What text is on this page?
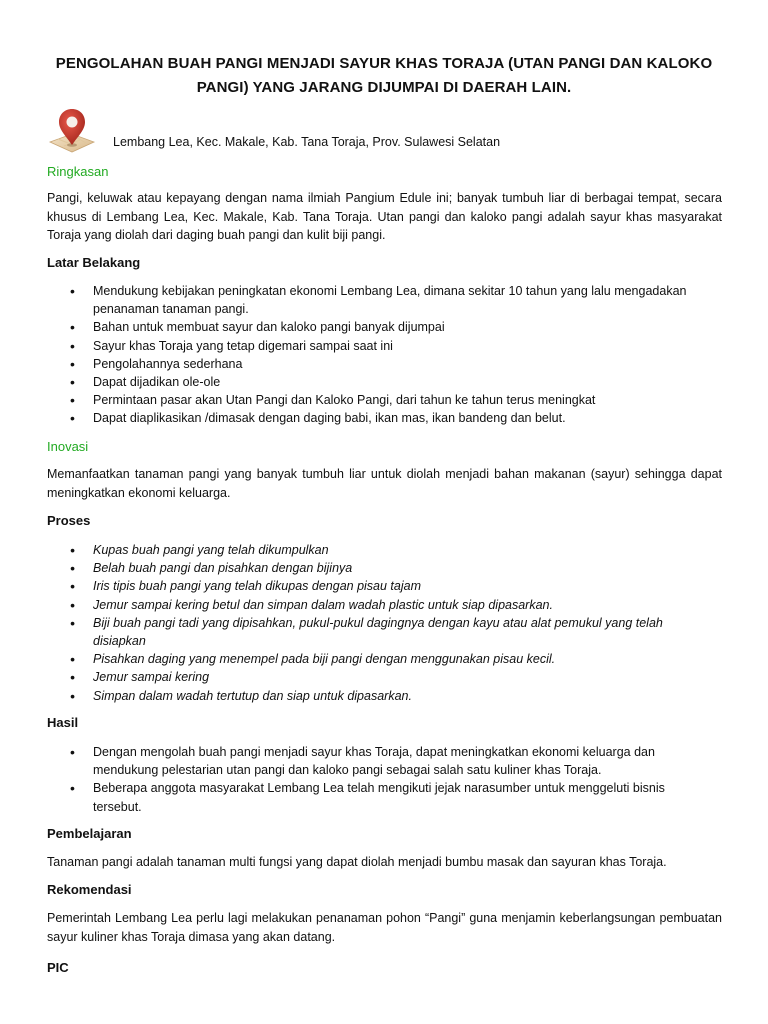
PENGOLAHAN BUAH PANGI MENJADI SAYUR KHAS TORAJA (UTAN PANGI DAN KALOKO PANGI) YANG JARANG DIJUMPAI DI DAERAH LAIN.
Lembang Lea, Kec. Makale, Kab. Tana Toraja, Prov. Sulawesi Selatan
Ringkasan
Pangi, keluwak atau kepayang dengan nama ilmiah Pangium Edule ini; banyak tumbuh liar di berbagai tempat, secara khusus di Lembang Lea, Kec. Makale, Kab. Tana Toraja. Utan pangi dan kaloko pangi adalah sayur khas masyarakat Toraja yang diolah dari daging buah pangi dan kulit biji pangi.
Latar Belakang
• Mendukung kebijakan peningkatan ekonomi Lembang Lea, dimana sekitar 10 tahun yang lalu mengadakan penanaman tanaman pangi.
• Bahan untuk membuat sayur dan kaloko pangi banyak dijumpai
• Sayur khas Toraja yang tetap digemari sampai saat ini
• Pengolahannya sederhana
• Dapat dijadikan ole-ole
• Permintaan pasar akan Utan Pangi dan Kaloko Pangi, dari tahun ke tahun terus meningkat
• Dapat diaplikasikan /dimasak dengan daging babi, ikan mas, ikan bandeng dan belut.
Inovasi
Memanfaatkan tanaman pangi yang banyak tumbuh liar untuk diolah menjadi bahan makanan (sayur) sehingga dapat meningkatkan ekonomi keluarga.
Proses
• Kupas buah pangi yang telah dikumpulkan
• Belah buah pangi dan pisahkan dengan bijinya
• Iris tipis buah pangi yang telah dikupas dengan pisau tajam
• Jemur sampai kering betul dan simpan dalam wadah plastic untuk siap dipasarkan.
• Biji buah pangi tadi yang dipisahkan, pukul-pukul dagingnya dengan kayu atau alat pemukul yang telah disiapkan
• Pisahkan daging yang menempel pada biji pangi dengan menggunakan pisau kecil.
• Jemur sampai kering
• Simpan dalam wadah tertutup dan siap untuk dipasarkan.
Hasil
• Dengan mengolah buah pangi menjadi sayur khas Toraja, dapat meningkatkan ekonomi keluarga dan mendukung pelestarian utan pangi dan kaloko pangi sebagai salah satu kuliner khas Toraja.
• Beberapa anggota masyarakat Lembang Lea telah mengikuti jejak narasumber untuk menggeluti bisnis tersebut.
Pembelajaran
Tanaman pangi adalah tanaman multi fungsi yang dapat diolah menjadi bumbu masak dan sayuran khas Toraja.
Rekomendasi
Pemerintah Lembang Lea perlu lagi melakukan penanaman pohon “Pangi” guna menjamin keberlangsungan pembuatan sayur kuliner khas Toraja dimasa yang akan datang.
PIC
